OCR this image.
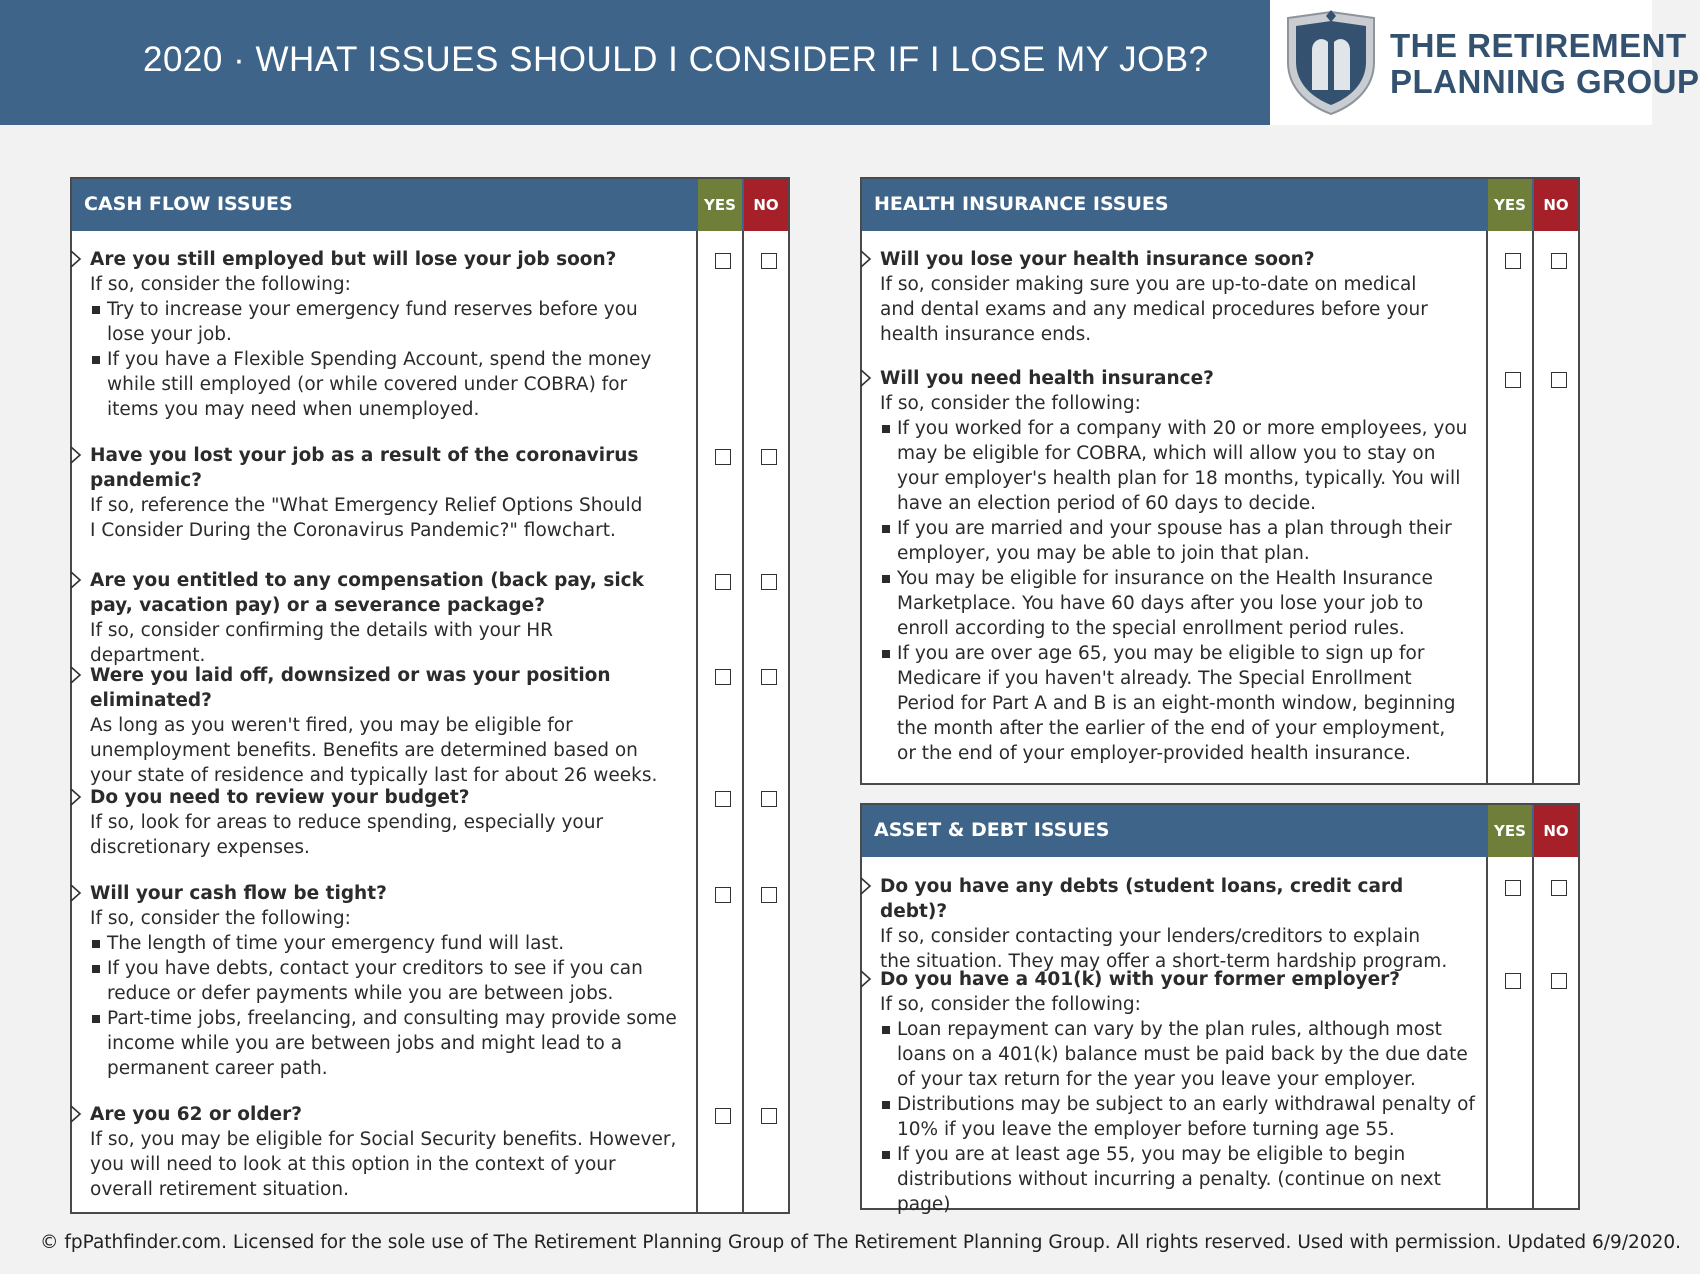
2020 · WHAT ISSUES SHOULD I CONSIDER IF I LOSE MY JOB?	THE RETIREMENT
PLANNING GROUP
CASH FLOW ISSUES	YES	NO
Are you still employed but will lose your job soon?
If so, consider the following:
Try to increase your emergency fund reserves before you lose your job.
If you have a Flexible Spending Account, spend the money while still employed (or while covered under COBRA) for items you may need when unemployed.
Have you lost your job as a result of the coronavirus pandemic?
If so, reference the "What Emergency Relief Options Should I Consider During the Coronavirus Pandemic?" flowchart.
Are you entitled to any compensation (back pay, sick pay, vacation pay) or a severance package?
If so, consider confirming the details with your HR department.
Were you laid off, downsized or was your position eliminated?
As long as you weren't fired, you may be eligible for unemployment benefits. Benefits are determined based on your state of residence and typically last for about 26 weeks.
Do you need to review your budget?
If so, look for areas to reduce spending, especially your discretionary expenses.
Will your cash flow be tight?
If so, consider the following:
The length of time your emergency fund will last.
If you have debts, contact your creditors to see if you can reduce or defer payments while you are between jobs.
Part-time jobs, freelancing, and consulting may provide some income while you are between jobs and might lead to a permanent career path.
Are you 62 or older?
If so, you may be eligible for Social Security benefits. However, you will need to look at this option in the context of your overall retirement situation.
HEALTH INSURANCE ISSUES	YES	NO
Will you lose your health insurance soon?
If so, consider making sure you are up-to-date on medical and dental exams and any medical procedures before your health insurance ends.
Will you need health insurance?
If so, consider the following:
If you worked for a company with 20 or more employees, you may be eligible for COBRA, which will allow you to stay on your employer's health plan for 18 months, typically. You will have an election period of 60 days to decide.
If you are married and your spouse has a plan through their employer, you may be able to join that plan.
You may be eligible for insurance on the Health Insurance Marketplace. You have 60 days after you lose your job to enroll according to the special enrollment period rules.
If you are over age 65, you may be eligible to sign up for Medicare if you haven't already. The Special Enrollment Period for Part A and B is an eight-month window, beginning the month after the earlier of the end of your employment, or the end of your employer-provided health insurance.
ASSET & DEBT ISSUES	YES	NO
Do you have any debts (student loans, credit card debt)?
If so, consider contacting your lenders/creditors to explain the situation. They may offer a short-term hardship program.
Do you have a 401(k) with your former employer?
If so, consider the following:
Loan repayment can vary by the plan rules, although most loans on a 401(k) balance must be paid back by the due date of your tax return for the year you leave your employer.
Distributions may be subject to an early withdrawal penalty of 10% if you leave the employer before turning age 55.
If you are at least age 55, you may be eligible to begin distributions without incurring a penalty. (continue on next page)
© fpPathfinder.com. Licensed for the sole use of The Retirement Planning Group of The Retirement Planning Group. All rights reserved. Used with permission. Updated 6/9/2020.
